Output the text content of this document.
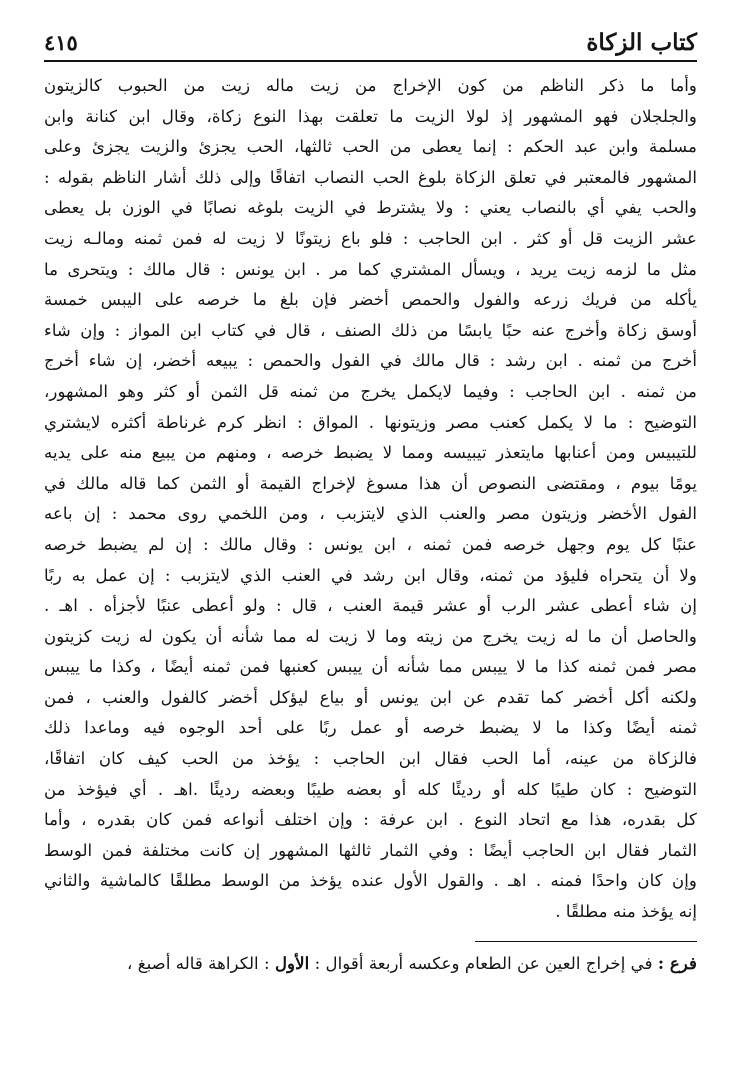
كتاب الزكاة
٤١٥
وأما ما ذكر الناظم من كون الإخراج من زيت ماله زيت من الحبوب كالزيتون
والجلجلان فهو المشهور إذ لولا الزيت ما تعلقت بهذا النوع زكاة، وقال ابن كنانة وابن
مسلمة وابن عبد الحكم : إنما يعطى من الحب ثالثها، الحب يجزئ والزيت يجزئ وعلى
المشهور فالمعتبر في تعلق الزكاة بلوغ الحب النصاب اتفاقًا وإلى ذلك أشار الناظم بقوله :
والحب يفي أي بالنصاب يعني : ولا يشترط في الزيت بلوغه نصابًا في الوزن بل يعطى
عشر الزيت قل أو كثر . ابن الحاجب : فلو باع زيتونًا لا زيت له فمن ثمنه ومالـه زيت
مثل ما لزمه زيت يريد ، ويسأل المشتري كما مر . ابن يونس : قال مالك : ويتحرى ما
يأكله من فريك زرعه والفول والحمص أخضر فإن بلغ ما خرصه على اليبس خمسة
أوسق زكاة وأخرج عنه حبًا يابسًا من ذلك الصنف ، قال في كتاب ابن المواز : وإن شاء
أخرج من ثمنه . ابن رشد : قال مالك في الفول والحمص : يبيعه أخضر، إن شاء أخرج
من ثمنه . ابن الحاجب : وفيما لايكمل يخرج من ثمنه قل الثمن أو كثر وهو المشهور،
التوضيح : ما لا يكمل كعنب مصر وزيتونها . المواق : انظر كرم غرناطة أكثره لايشتري
للتيبيس ومن أعنابها مايتعذر تيبيسه ومما لا يضبط خرصه ، ومنهم من يبيع منه على يديه
يومًا بيوم ، ومقتضى النصوص أن هذا مسوغ لإخراج القيمة أو الثمن كما قاله مالك في
الفول الأخضر وزيتون مصر والعنب الذي لايتزبب ، ومن اللخمي روى محمد : إن باعه
عنبًا كل يوم وجهل خرصه فمن ثمنه ، ابن يونس : وقال مالك : إن لم يضبط خرصه
ولا أن يتحراه فليؤد من ثمنه، وقال ابن رشد في العنب الذي لايتزبب : إن عمل به ربًا
إن شاء أعطى عشر الرب أو عشر قيمة العنب ، قال : ولو أعطى عنبًا لأجزأه . اهـ .
والحاصل أن ما له زيت يخرج من زيته وما لا زيت له مما شأنه أن يكون له زيت كزيتون
مصر فمن ثمنه كذا ما لا ييبس مما شأنه أن ييبس كعنبها فمن ثمنه أيضًا ، وكذا ما ييبس
ولكنه أكل أخضر كما تقدم عن ابن يونس أو بياع ليؤكل أخضر كالفول والعنب ، فمن
ثمنه أيضًا وكذا ما لا يضبط خرصه أو عمل ربًا على أحد الوجوه فيه وماعدا ذلك
فالزكاة من عينه، أما الحب فقال ابن الحاجب : يؤخذ من الحب كيف كان اتفاقًا،
التوضيح : كان طيبًا كله أو رديئًا كله أو بعضه طيبًا وبعضه رديئًا .اهـ . أي فيؤخذ من
كل بقدره، هذا مع اتحاد النوع . ابن عرفة : وإن اختلف أنواعه فمن كان بقدره ، وأما
الثمار فقال ابن الحاجب أيضًا : وفي الثمار ثالثها المشهور إن كانت مختلفة فمن الوسط
وإن كان واحدًا فمنه . اهـ . والقول الأول عنده يؤخذ من الوسط مطلقًا كالماشية والثاني
إنه يؤخذ منه مطلقًا .
فرع : في إخراج العين عن الطعام وعكسه أربعة أقوال : الأول : الكراهة قاله أصبغ ،
